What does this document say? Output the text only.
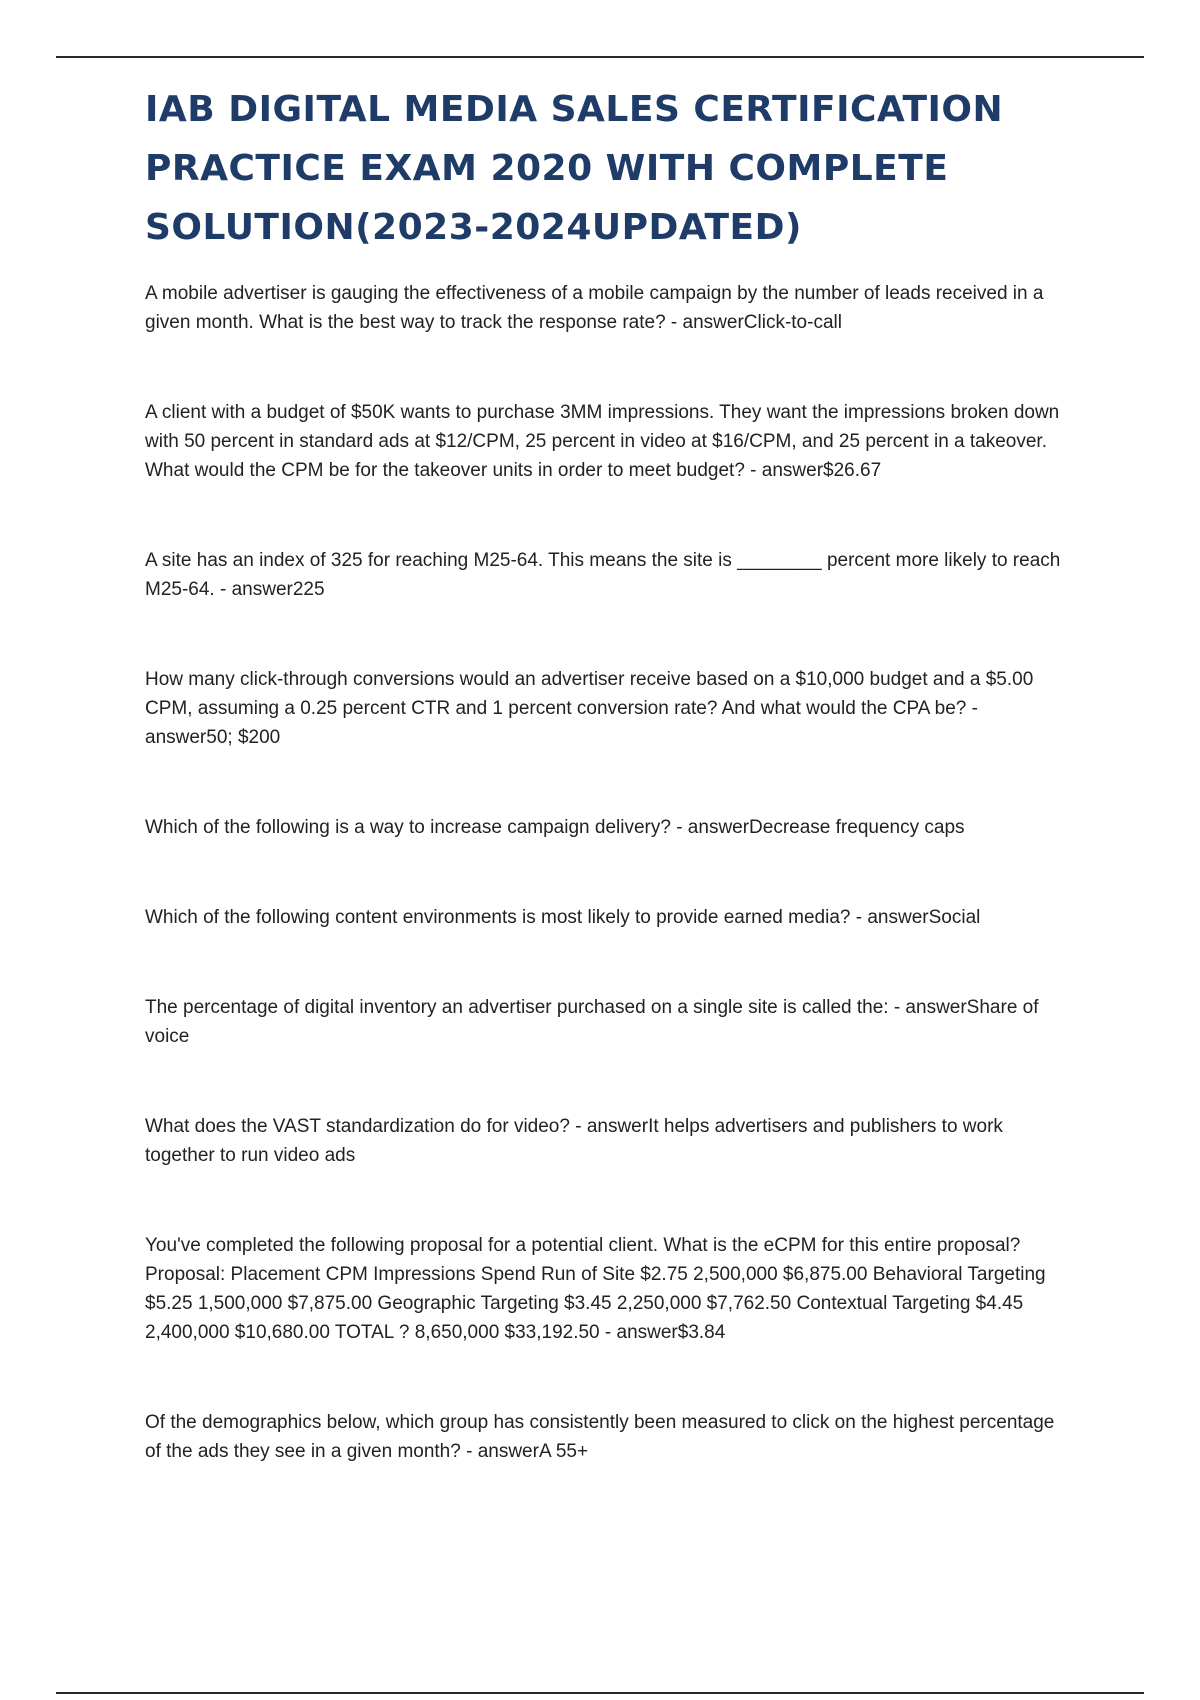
IAB DIGITAL MEDIA SALES CERTIFICATION PRACTICE EXAM 2020 WITH COMPLETE SOLUTION(2023-2024UPDATED)

A mobile advertiser is gauging the effectiveness of a mobile campaign by the number of leads received in a given month. What is the best way to track the response rate? - answerClick-to-call

A client with a budget of $50K wants to purchase 3MM impressions. They want the impressions broken down with 50 percent in standard ads at $12/CPM, 25 percent in video at $16/CPM, and 25 percent in a takeover. What would the CPM be for the takeover units in order to meet budget? - answer$26.67

A site has an index of 325 for reaching M25-64. This means the site is ________ percent more likely to reach M25-64. - answer225

How many click-through conversions would an advertiser receive based on a $10,000 budget and a $5.00 CPM, assuming a 0.25 percent CTR and 1 percent conversion rate? And what would the CPA be? - answer50; $200

Which of the following is a way to increase campaign delivery? - answerDecrease frequency caps

Which of the following content environments is most likely to provide earned media? - answerSocial

The percentage of digital inventory an advertiser purchased on a single site is called the: - answerShare of voice

What does the VAST standardization do for video? - answerIt helps advertisers and publishers to work together to run video ads

You've completed the following proposal for a potential client. What is the eCPM for this entire proposal? Proposal: Placement CPM Impressions Spend Run of Site $2.75 2,500,000 $6,875.00 Behavioral Targeting $5.25 1,500,000 $7,875.00 Geographic Targeting $3.45 2,250,000 $7,762.50 Contextual Targeting $4.45 2,400,000 $10,680.00 TOTAL ? 8,650,000 $33,192.50 - answer$3.84

Of the demographics below, which group has consistently been measured to click on the highest percentage of the ads they see in a given month? - answerA 55+
